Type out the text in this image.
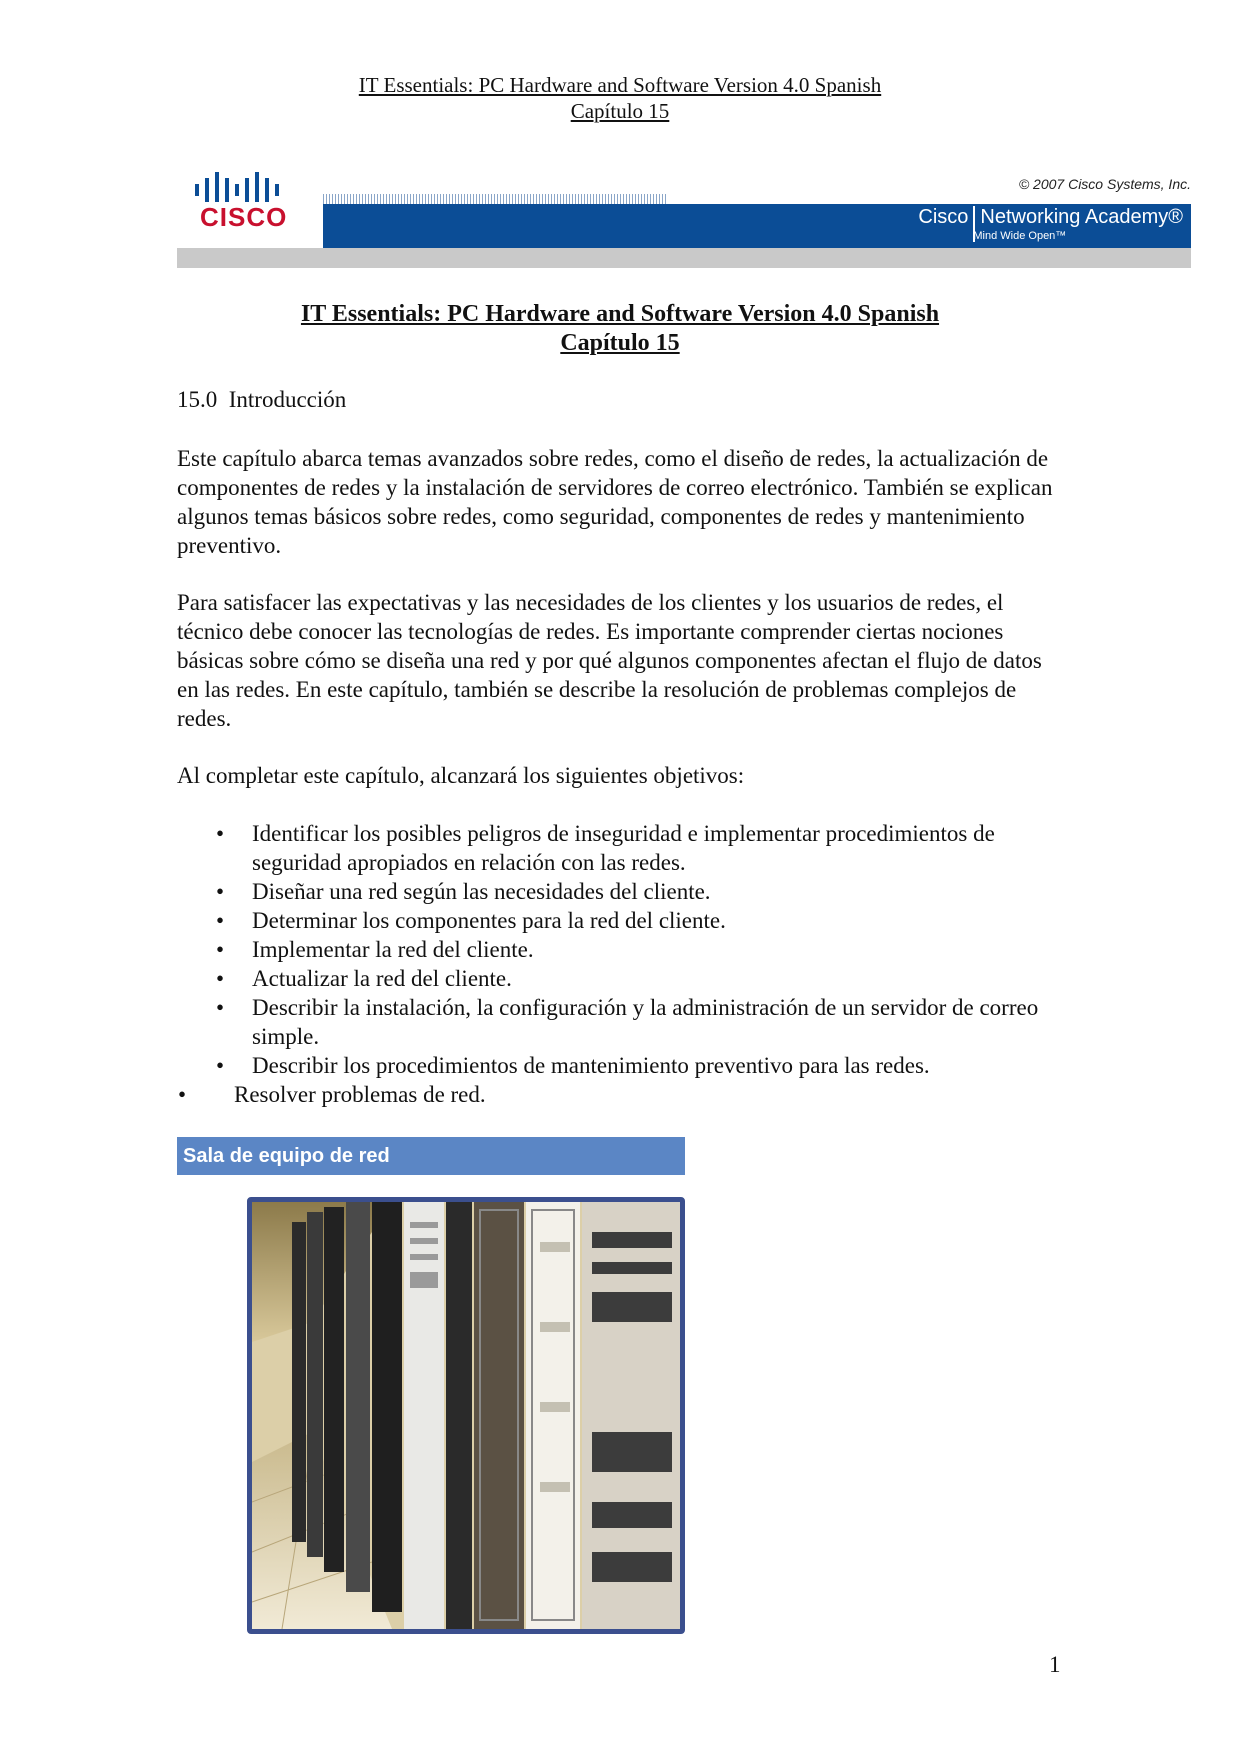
IT Essentials: PC Hardware and Software Version 4.0 Spanish
Capítulo 15
CISCO
© 2007 Cisco Systems, Inc.
Cisco Networking Academy®
Mind Wide Open™
IT Essentials: PC Hardware and Software Version 4.0 Spanish
Capítulo 15
15.0 Introducción

Este capítulo abarca temas avanzados sobre redes, como el diseño de redes, la actualización de componentes de redes y la instalación de servidores de correo electrónico. También se explican algunos temas básicos sobre redes, como seguridad, componentes de redes y mantenimiento preventivo.

Para satisfacer las expectativas y las necesidades de los clientes y los usuarios de redes, el técnico debe conocer las tecnologías de redes. Es importante comprender ciertas nociones básicas sobre cómo se diseña una red y por qué algunos componentes afectan el flujo de datos en las redes. En este capítulo, también se describe la resolución de problemas complejos de redes.

Al completar este capítulo, alcanzará los siguientes objetivos:

• Identificar los posibles peligros de inseguridad e implementar procedimientos de seguridad apropiados en relación con las redes.
• Diseñar una red según las necesidades del cliente.
• Determinar los componentes para la red del cliente.
• Implementar la red del cliente.
• Actualizar la red del cliente.
• Describir la instalación, la configuración y la administración de un servidor de correo simple.
• Describir los procedimientos de mantenimiento preventivo para las redes.
• Resolver problemas de red.
Sala de equipo de red
1
